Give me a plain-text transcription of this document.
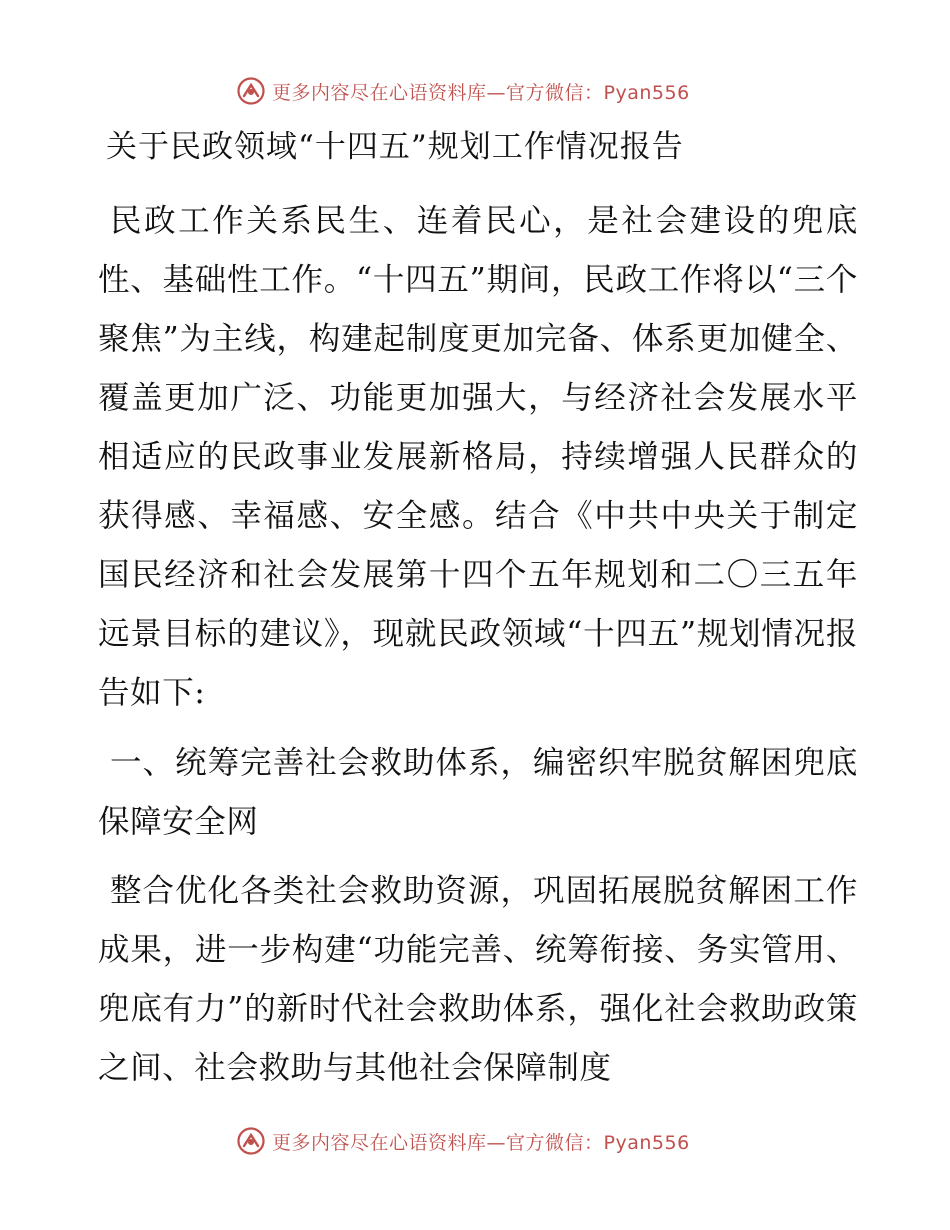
更多内容尽在心语资料库—官方微信：Pyan556
关于民政领域“十四五”规划工作情况报告

民政工作关系民生、连着民心，是社会建设的兜底性、基础性工作。“十四五”期间，民政工作将以“三个聚焦”为主线，构建起制度更加完备、体系更加健全、覆盖更加广泛、功能更加强大，与经济社会发展水平相适应的民政事业发展新格局，持续增强人民群众的获得感、幸福感、安全感。结合《中共中央关于制定国民经济和社会发展第十四个五年规划和二〇三五年远景目标的建议》，现就民政领域“十四五”规划情况报告如下:

一、统筹完善社会救助体系，编密织牢脱贫解困兜底保障安全网

整合优化各类社会救助资源，巩固拓展脱贫解困工作成果，进一步构建“功能完善、统筹衔接、务实管用、兜底有力”的新时代社会救助体系，强化社会救助政策之间、社会救助与其他社会保障制度

更多内容尽在心语资料库—官方微信：Pyan556
